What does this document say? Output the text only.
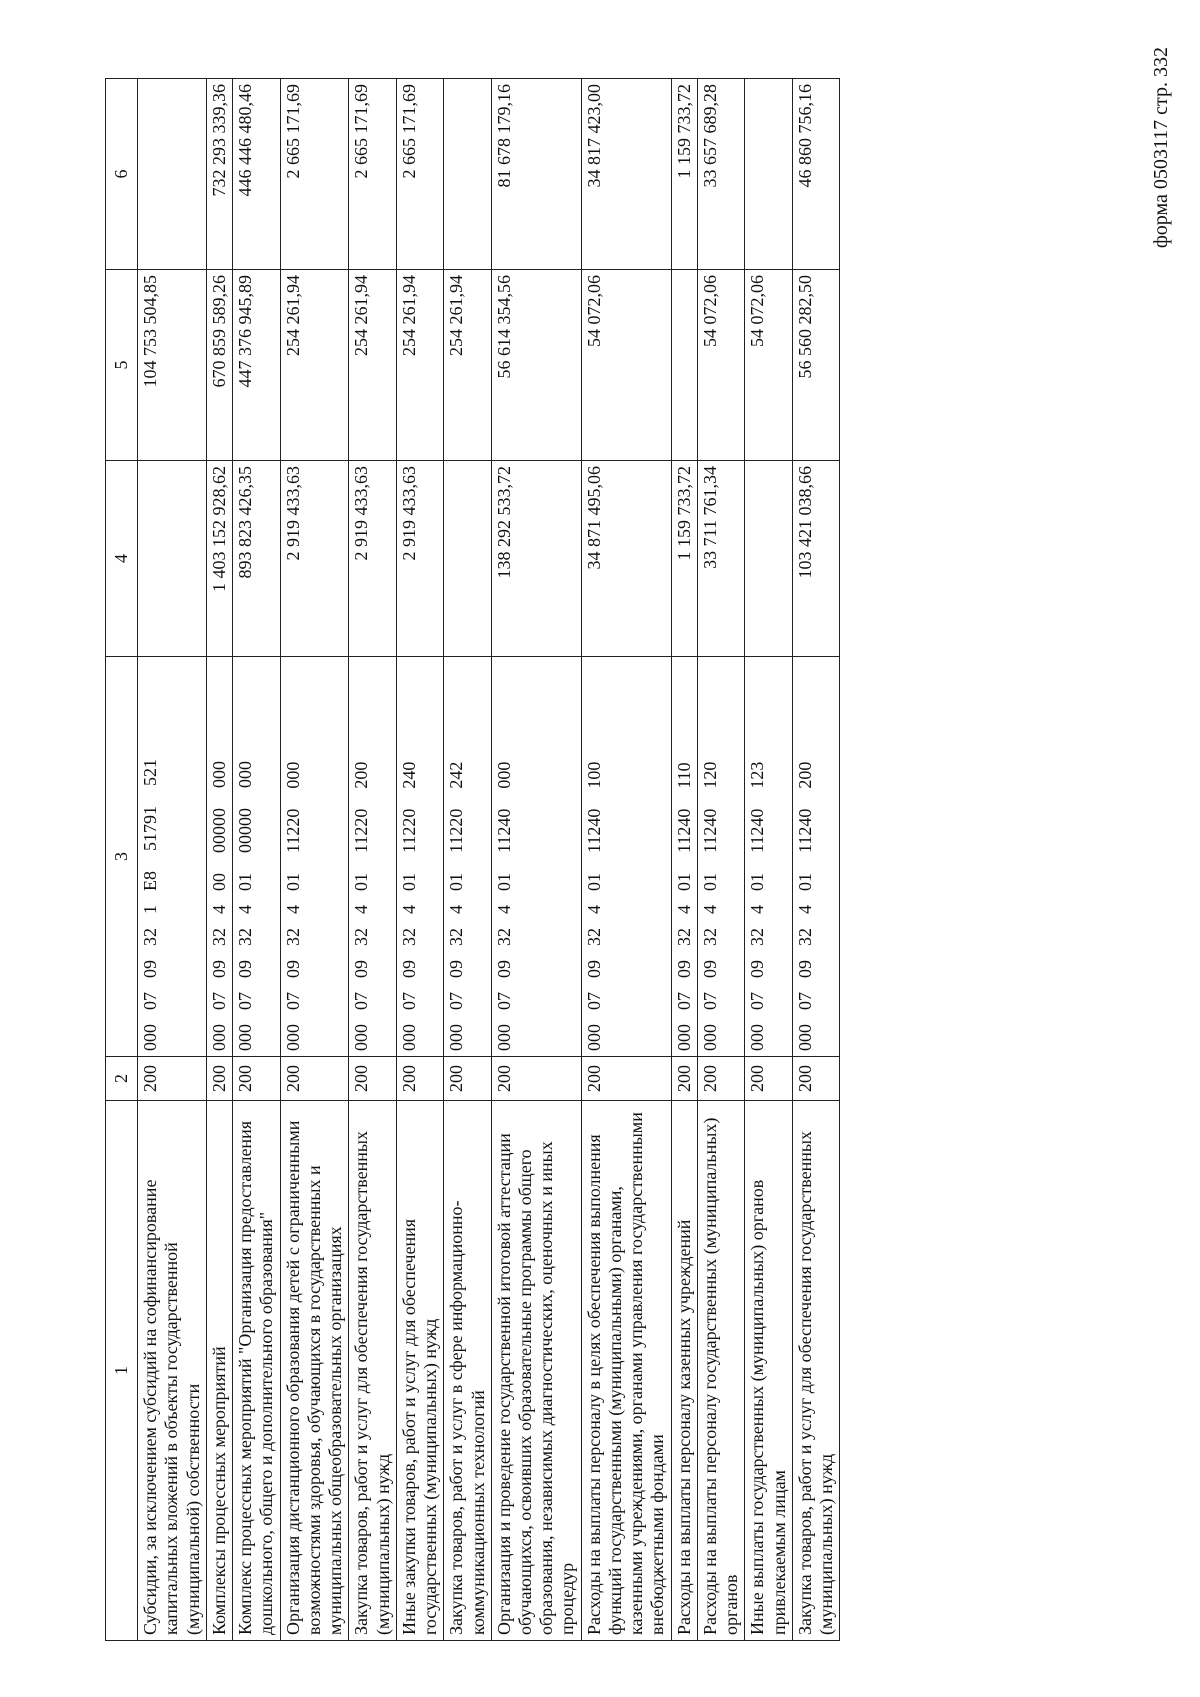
форма 0503117 стр. 332
1	2	3	4	5	6
Субсидии, за исключением субсидий на софинансирование капитальных вложений в объекты государственной (муниципальной) собственности	200	0000709321Е851791521		104 753 504,85	
Комплексы процессных мероприятий	200	00007093240000000000	1 403 152 928,62	670 859 589,26	732 293 339,36
Комплекс процессных мероприятий "Организация предоставления дошкольного, общего и дополнительного образования"	200	00007093240100000000	893 823 426,35	447 376 945,89	446 446 480,46
Организация дистанционного образования детей с ограниченными возможностями здоровья, обучающихся в государственных и муниципальных общеобразовательных организациях	200	00007093240111220000	2 919 433,63	254 261,94	2 665 171,69
Закупка товаров, работ и услуг для обеспечения государственных (муниципальных) нужд	200	00007093240111220200	2 919 433,63	254 261,94	2 665 171,69
Иные закупки товаров, работ и услуг для обеспечения государственных (муниципальных) нужд	200	00007093240111220240	2 919 433,63	254 261,94	2 665 171,69
Закупка товаров, работ и услуг в сфере информационно-коммуникационных технологий	200	00007093240111220242		254 261,94	
Организация и проведение государственной итоговой аттестации обучающихся, освоивших образовательные программы общего образования, независимых диагностических, оценочных и иных процедур	200	00007093240111240000	138 292 533,72	56 614 354,56	81 678 179,16
Расходы на выплаты персоналу в целях обеспечения выполнения функций государственными (муниципальными) органами, казенными учреждениями, органами управления государственными внебюджетными фондами	200	00007093240111240100	34 871 495,06	54 072,06	34 817 423,00
Расходы на выплаты персоналу казенных учреждений	200	00007093240111240110	1 159 733,72		1 159 733,72
Расходы на выплаты персоналу государственных (муниципальных) органов	200	00007093240111240120	33 711 761,34	54 072,06	33 657 689,28
Иные выплаты государственных (муниципальных) органов привлекаемым лицам	200	00007093240111240123		54 072,06	
Закупка товаров, работ и услуг для обеспечения государственных (муниципальных) нужд	200	00007093240111240200	103 421 038,66	56 560 282,50	46 860 756,16
